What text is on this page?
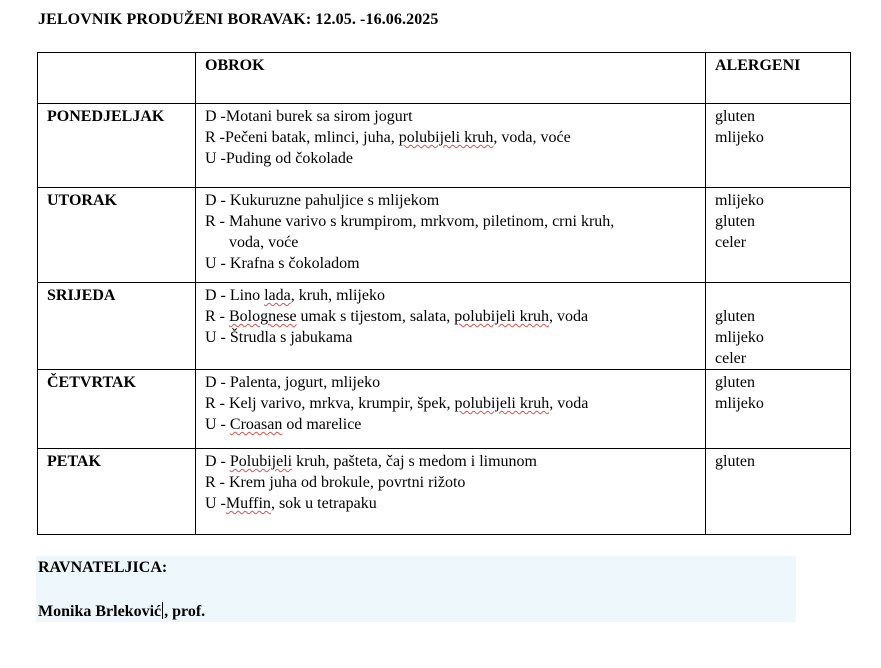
JELOVNIK PRODUŽENI BORAVAK: 12.05. -16.06.2025
	OBROK	ALERGENI
PONEDJELJAK	D -Motani burek sa sirom jogurt
R -Pečeni batak, mlinci, juha, polubijeli kruh, voda, voće
U -Puding od čokolade	gluten
mlijeko

UTORAK	D - Kukuruzne pahuljice s mlijekom
R - Mahune varivo s krumpirom, mrkvom, piletinom, crni kruh,
voda, voće
U - Krafna s čokoladom	mlijeko
gluten
celer

SRIJEDA	D - Lino lada, kruh, mlijeko
R - Bolognese umak s tijestom, salata, polubijeli kruh, voda
U - Štrudla s jabukama	gluten
mlijeko
celer

ČETVRTAK	D - Palenta, jogurt, mlijeko
R - Kelj varivo, mrkva, krumpir, špek, polubijeli kruh, voda
U - Croasan od marelice	gluten
mlijeko

PETAK	D - Polubijeli kruh, pašteta, čaj s medom i limunom
R - Krem juha od brokule, povrtni rižoto
U -Muffin, sok u tetrapaku	gluten
RAVNATELJICA:
Monika Brleković , prof.
